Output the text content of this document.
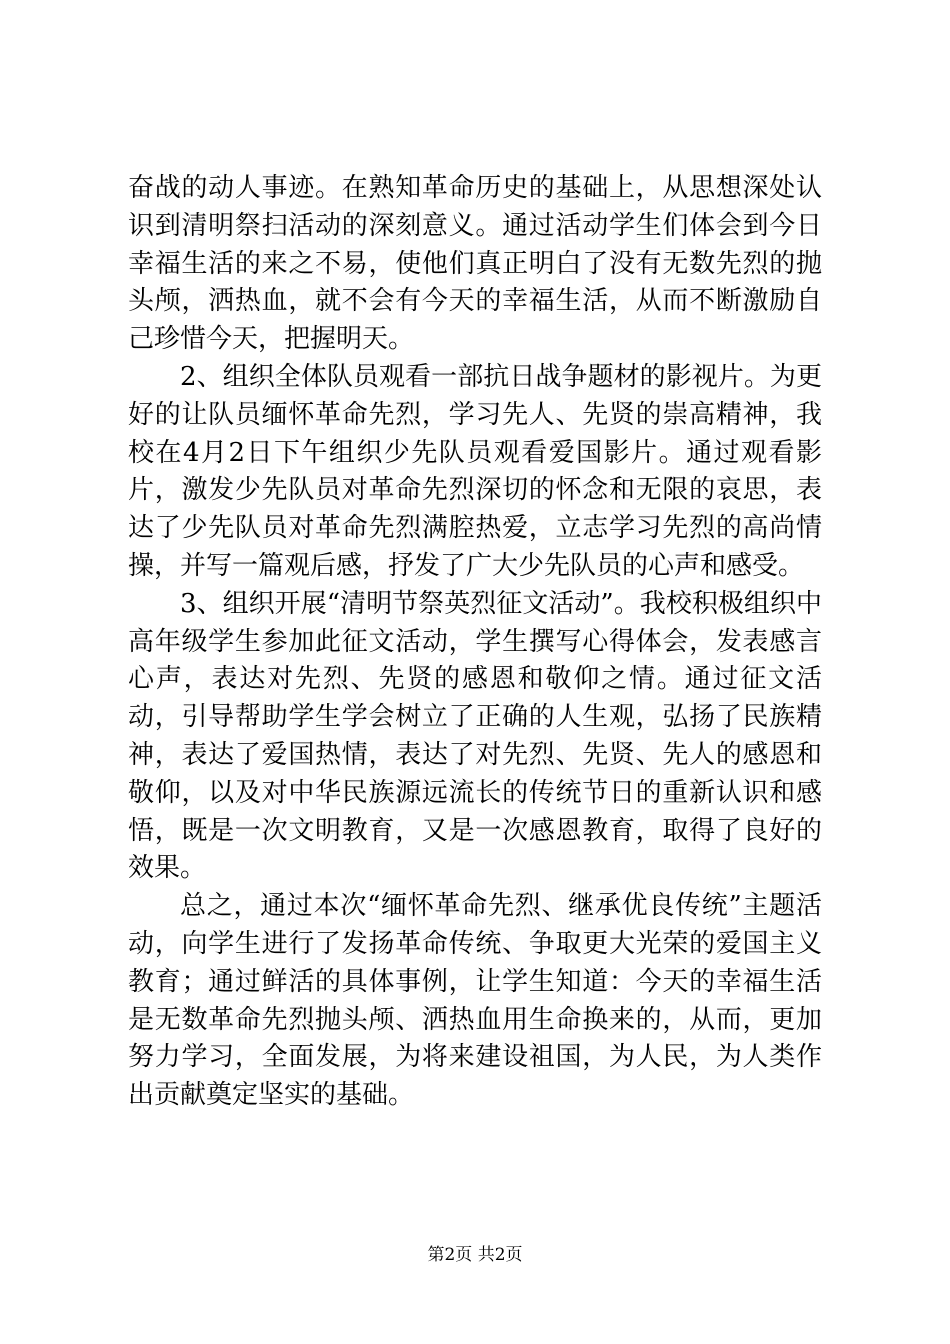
奋战的动人事迹。在熟知革命历史的基础上，从思想深处认识到清明祭扫活动的深刻意义。通过活动学生们体会到今日幸福生活的来之不易，使他们真正明白了没有无数先烈的抛头颅，洒热血，就不会有今天的幸福生活，从而不断激励自己珍惜今天，把握明天。

2、组织全体队员观看一部抗日战争题材的影视片。为更好的让队员缅怀革命先烈，学习先人、先贤的崇高精神，我校在4月2日下午组织少先队员观看爱国影片。通过观看影片，激发少先队员对革命先烈深切的怀念和无限的哀思，表达了少先队员对革命先烈满腔热爱，立志学习先烈的高尚情操，并写一篇观后感，抒发了广大少先队员的心声和感受。

3、组织开展“清明节祭英烈征文活动”。我校积极组织中高年级学生参加此征文活动，学生撰写心得体会，发表感言心声，表达对先烈、先贤的感恩和敬仰之情。通过征文活动，引导帮助学生学会树立了正确的人生观，弘扬了民族精神，表达了爱国热情，表达了对先烈、先贤、先人的感恩和敬仰，以及对中华民族源远流长的传统节日的重新认识和感悟，既是一次文明教育，又是一次感恩教育，取得了良好的效果。

总之，通过本次“缅怀革命先烈、继承优良传统”主题活动，向学生进行了发扬革命传统、争取更大光荣的爱国主义教育；通过鲜活的具体事例，让学生知道：今天的幸福生活是无数革命先烈抛头颅、洒热血用生命换来的，从而，更加努力学习，全面发展，为将来建设祖国，为人民，为人类作出贡献奠定坚实的基础。

第2页 共2页
